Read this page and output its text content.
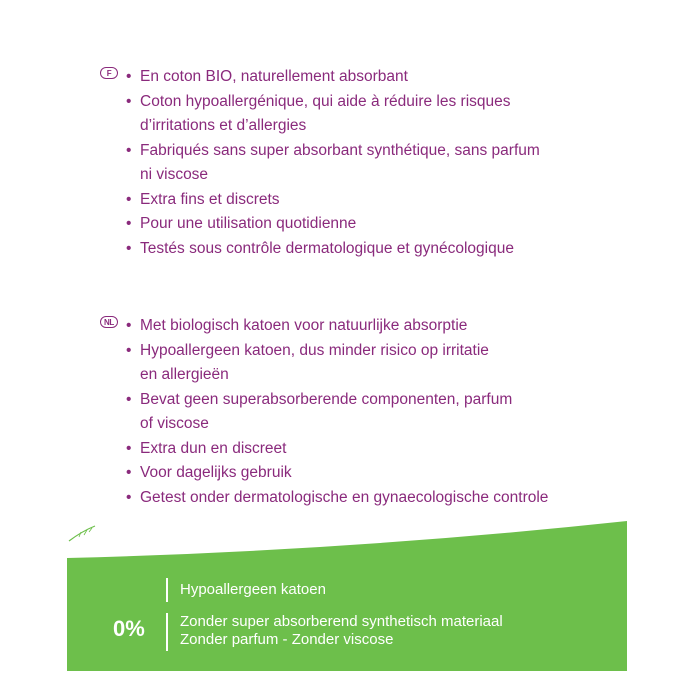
F	• En coton BIO, naturellement absorbant
• Coton hypoallergénique, qui aide à réduire les risques
d’irritations et d’allergies
• Fabriqués sans super absorbant synthétique, sans parfum
ni viscose
• Extra fins et discrets
• Pour une utilisation quotidienne
• Testés sous contrôle dermatologique et gynécologique
NL	• Met biologisch katoen voor natuurlijke absorptie
• Hypoallergeen katoen, dus minder risico op irritatie
en allergieën
• Bevat geen superabsorberende componenten, parfum
of viscose
• Extra dun en discreet
• Voor dagelijks gebruik
• Getest onder dermatologische en gynaecologische controle
0%
Hypoallergeen katoen
Zonder super absorberend synthetisch materiaal
Zonder parfum - Zonder viscose
